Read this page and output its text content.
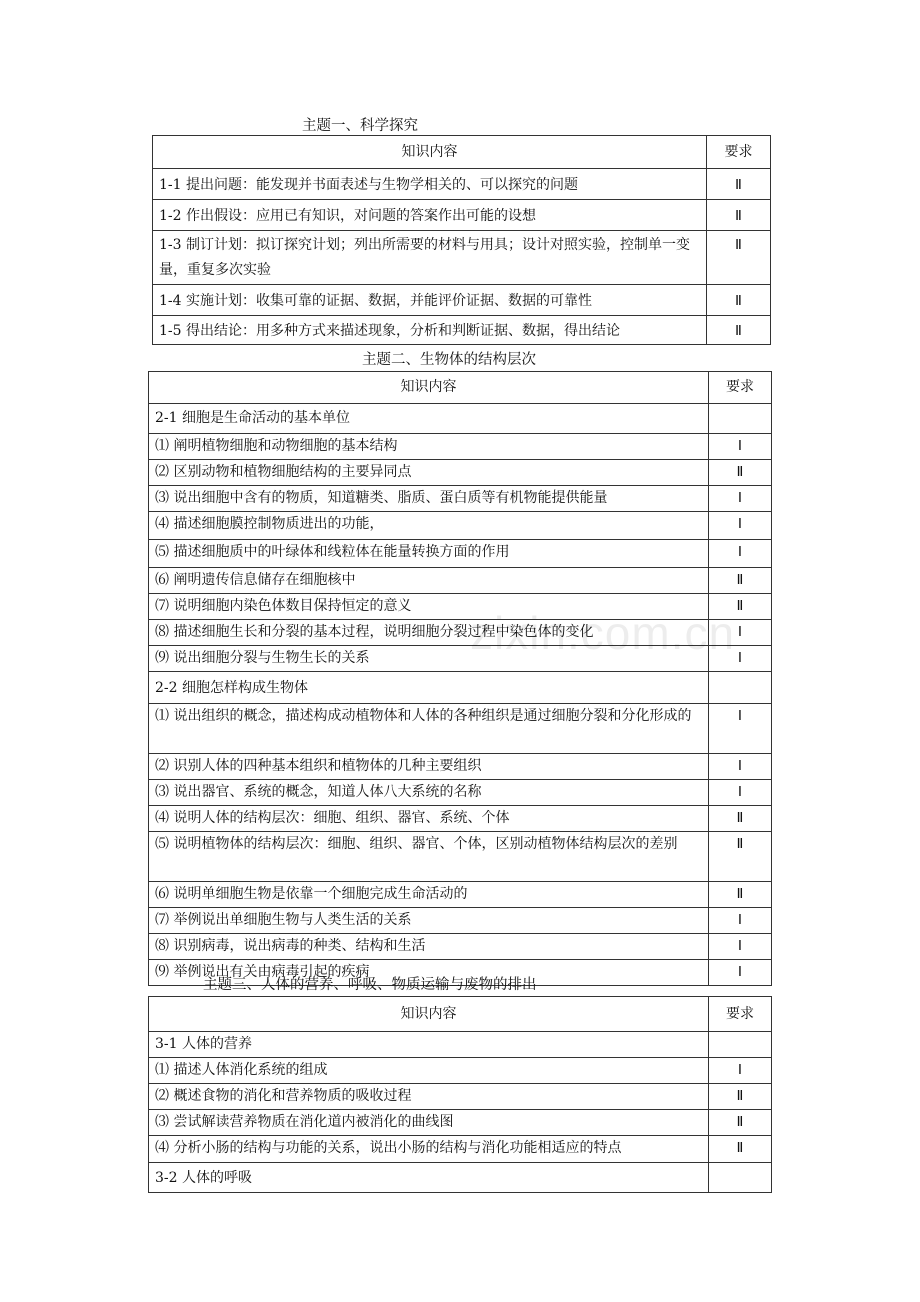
主题一、科学探究
知识内容	要求
1-1 提出问题：能发现并书面表述与生物学相关的、可以探究的问题	Ⅱ
1-2 作出假设：应用已有知识，对问题的答案作出可能的设想	Ⅱ
1-3 制订计划：拟订探究计划；列出所需要的材料与用具；设计对照实验，控制单一变量，重复多次实验	Ⅱ
1-4 实施计划：收集可靠的证据、数据，并能评价证据、数据的可靠性	Ⅱ
1-5 得出结论：用多种方式来描述现象，分析和判断证据、数据，得出结论	Ⅱ
主题二、生物体的结构层次
知识内容	要求
2-1 细胞是生命活动的基本单位	
⑴ 阐明植物细胞和动物细胞的基本结构	Ⅰ
⑵ 区别动物和植物细胞结构的主要异同点	Ⅱ
⑶ 说出细胞中含有的物质，知道糖类、脂质、蛋白质等有机物能提供能量	Ⅰ
⑷ 描述细胞膜控制物质进出的功能，	Ⅰ
⑸ 描述细胞质中的叶绿体和线粒体在能量转换方面的作用	Ⅰ
⑹ 阐明遗传信息储存在细胞核中	Ⅱ
⑺ 说明细胞内染色体数目保持恒定的意义	Ⅱ
⑻ 描述细胞生长和分裂的基本过程，说明细胞分裂过程中染色体的变化	Ⅰ
⑼ 说出细胞分裂与生物生长的关系	Ⅰ
2-2 细胞怎样构成生物体	
⑴ 说出组织的概念，描述构成动植物体和人体的各种组织是通过细胞分裂和分化形成的	Ⅰ
⑵ 识别人体的四种基本组织和植物体的几种主要组织	Ⅰ
⑶ 说出器官、系统的概念，知道人体八大系统的名称	Ⅰ
⑷ 说明人体的结构层次：细胞、组织、器官、系统、个体	Ⅱ
⑸ 说明植物体的结构层次：细胞、组织、器官、个体，区别动植物体结构层次的差别	Ⅱ
⑹ 说明单细胞生物是依靠一个细胞完成生命活动的	Ⅱ
⑺ 举例说出单细胞生物与人类生活的关系	Ⅰ
⑻ 识别病毒，说出病毒的种类、结构和生活	Ⅰ
⑼ 举例说出有关由病毒引起的疾病	Ⅰ
主题三、人体的营养、呼吸、物质运输与废物的排出
知识内容	要求
3-1 人体的营养	
⑴ 描述人体消化系统的组成	Ⅰ
⑵ 概述食物的消化和营养物质的吸收过程	Ⅱ
⑶ 尝试解读营养物质在消化道内被消化的曲线图	Ⅱ
⑷ 分析小肠的结构与功能的关系，说出小肠的结构与消化功能相适应的特点	Ⅱ
3-2 人体的呼吸	
zixin.com.cn
